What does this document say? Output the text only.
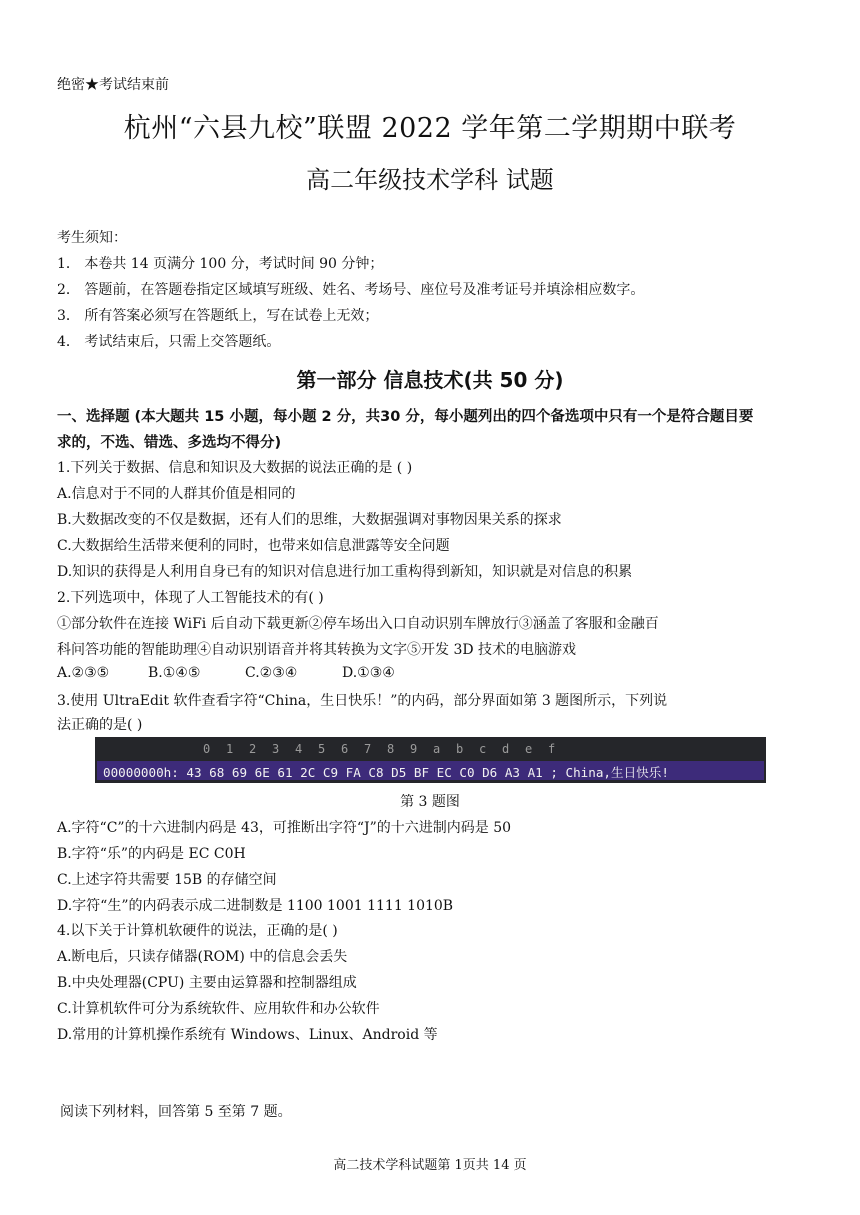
绝密★考试结束前
杭州“六县九校”联盟 2022 学年第二学期期中联考
高二年级技术学科 试题
考生须知：
1． 本卷共 14 页满分 100 分，考试时间 90 分钟；
2． 答题前，在答题卷指定区域填写班级、姓名、考场号、座位号及准考证号并填涂相应数字。
3． 所有答案必须写在答题纸上，写在试卷上无效；
4． 考试结束后，只需上交答题纸。
第一部分 信息技术(共 50 分)
一、选择题 (本大题共 15 小题，每小题 2 分，共30 分，每小题列出的四个备选项中只有一个是符合题目要
求的，不选、错选、多选均不得分)
1.下列关于数据、信息和知识及大数据的说法正确的是 ( )
A.信息对于不同的人群其价值是相同的
B.大数据改变的不仅是数据，还有人们的思维，大数据强调对事物因果关系的探求
C.大数据给生活带来便利的同时，也带来如信息泄露等安全问题
D.知识的获得是人利用自身已有的知识对信息进行加工重构得到新知，知识就是对信息的积累
2.下列选项中，体现了人工智能技术的有( )
①部分软件在连接 WiFi 后自动下载更新②停车场出入口自动识别车牌放行③涵盖了客服和金融百
科问答功能的智能助理④自动识别语音并将其转换为文字⑤开发 3D 技术的电脑游戏
A.②③⑤	B.①④⑤	C.②③④	D.①③④
3.使用 UltraEdit 软件查看字符“China，生日快乐！”的内码，部分界面如第 3 题图所示，下列说
法正确的是( )
0 1 2 3 4 5 6 7 8 9 a b c d e f
00000000h: 43 68 69 6E 61 2C C9 FA C8 D5 BF EC C0 D6 A3 A1 ; China,生日快乐!
第 3 题图
A.字符“C”的十六进制内码是 43，可推断出字符“J”的十六进制内码是 50
B.字符“乐”的内码是 EC C0H
C.上述字符共需要 15B 的存储空间
D.字符“生”的内码表示成二进制数是 1100 1001 1111 1010B
4.以下关于计算机软硬件的说法，正确的是( )
A.断电后，只读存储器(ROM) 中的信息会丢失
B.中央处理器(CPU) 主要由运算器和控制器组成
C.计算机软件可分为系统软件、应用软件和办公软件
D.常用的计算机操作系统有 Windows、Linux、Android 等
阅读下列材料，回答第 5 至第 7 题。
高二技术学科试题第 1页共 14 页
